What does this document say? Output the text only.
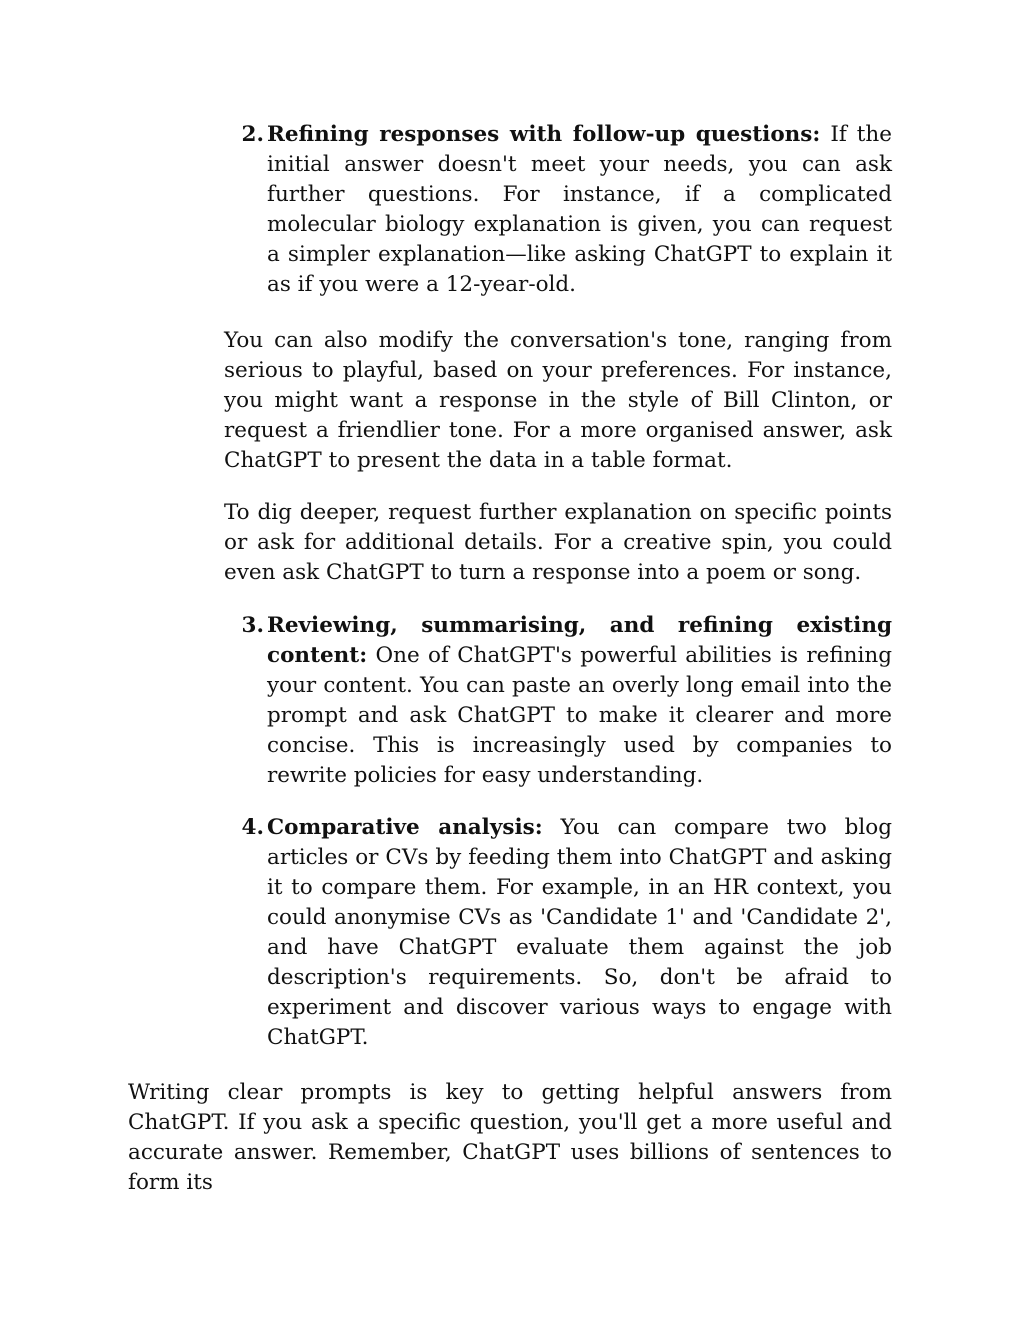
2. Refining responses with follow-up questions: If the initial answer doesn't meet your needs, you can ask further questions. For instance, if a complicated molecular biology explanation is given, you can request a simpler explanation—like asking ChatGPT to explain it as if you were a 12-year-old.

You can also modify the conversation's tone, ranging from serious to playful, based on your preferences. For instance, you might want a response in the style of Bill Clinton, or request a friendlier tone. For a more organised answer, ask ChatGPT to present the data in a table format.

To dig deeper, request further explanation on specific points or ask for additional details. For a creative spin, you could even ask ChatGPT to turn a response into a poem or song.

3. Reviewing, summarising, and refining existing content: One of ChatGPT's powerful abilities is refining your content. You can paste an overly long email into the prompt and ask ChatGPT to make it clearer and more concise. This is increasingly used by companies to rewrite policies for easy understanding.

4. Comparative analysis: You can compare two blog articles or CVs by feeding them into ChatGPT and asking it to compare them. For example, in an HR context, you could anonymise CVs as 'Candidate 1' and 'Candidate 2', and have ChatGPT evaluate them against the job description's requirements. So, don't be afraid to experiment and discover various ways to engage with ChatGPT.

Writing clear prompts is key to getting helpful answers from ChatGPT. If you ask a specific question, you'll get a more useful and accurate answer. Remember, ChatGPT uses billions of sentences to form its
